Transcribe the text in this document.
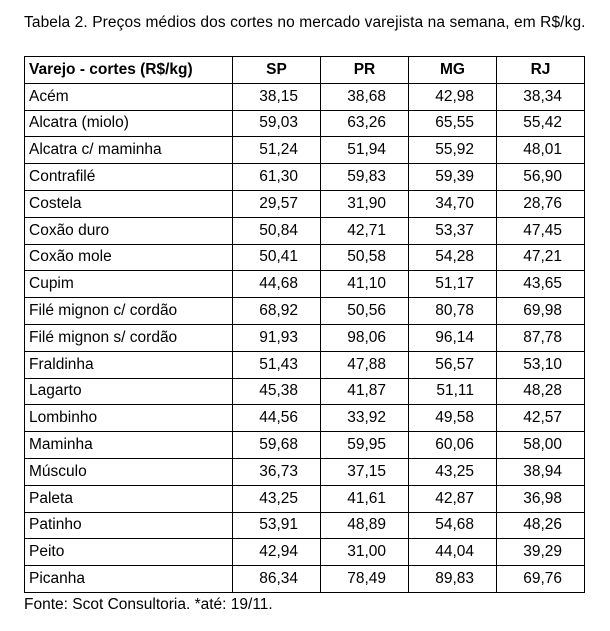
Tabela 2. Preços médios dos cortes no mercado varejista na semana, em R$/kg.
Varejo - cortes (R$/kg)	SP	PR	MG	RJ
Acém	38,15	38,68	42,98	38,34
Alcatra (miolo)	59,03	63,26	65,55	55,42
Alcatra c/ maminha	51,24	51,94	55,92	48,01
Contrafilé	61,30	59,83	59,39	56,90
Costela	29,57	31,90	34,70	28,76
Coxão duro	50,84	42,71	53,37	47,45
Coxão mole	50,41	50,58	54,28	47,21
Cupim	44,68	41,10	51,17	43,65
Filé mignon c/ cordão	68,92	50,56	80,78	69,98
Filé mignon s/ cordão	91,93	98,06	96,14	87,78
Fraldinha	51,43	47,88	56,57	53,10
Lagarto	45,38	41,87	51,11	48,28
Lombinho	44,56	33,92	49,58	42,57
Maminha	59,68	59,95	60,06	58,00
Músculo	36,73	37,15	43,25	38,94
Paleta	43,25	41,61	42,87	36,98
Patinho	53,91	48,89	54,68	48,26
Peito	42,94	31,00	44,04	39,29
Picanha	86,34	78,49	89,83	69,76
Fonte: Scot Consultoria. *até: 19/11.
